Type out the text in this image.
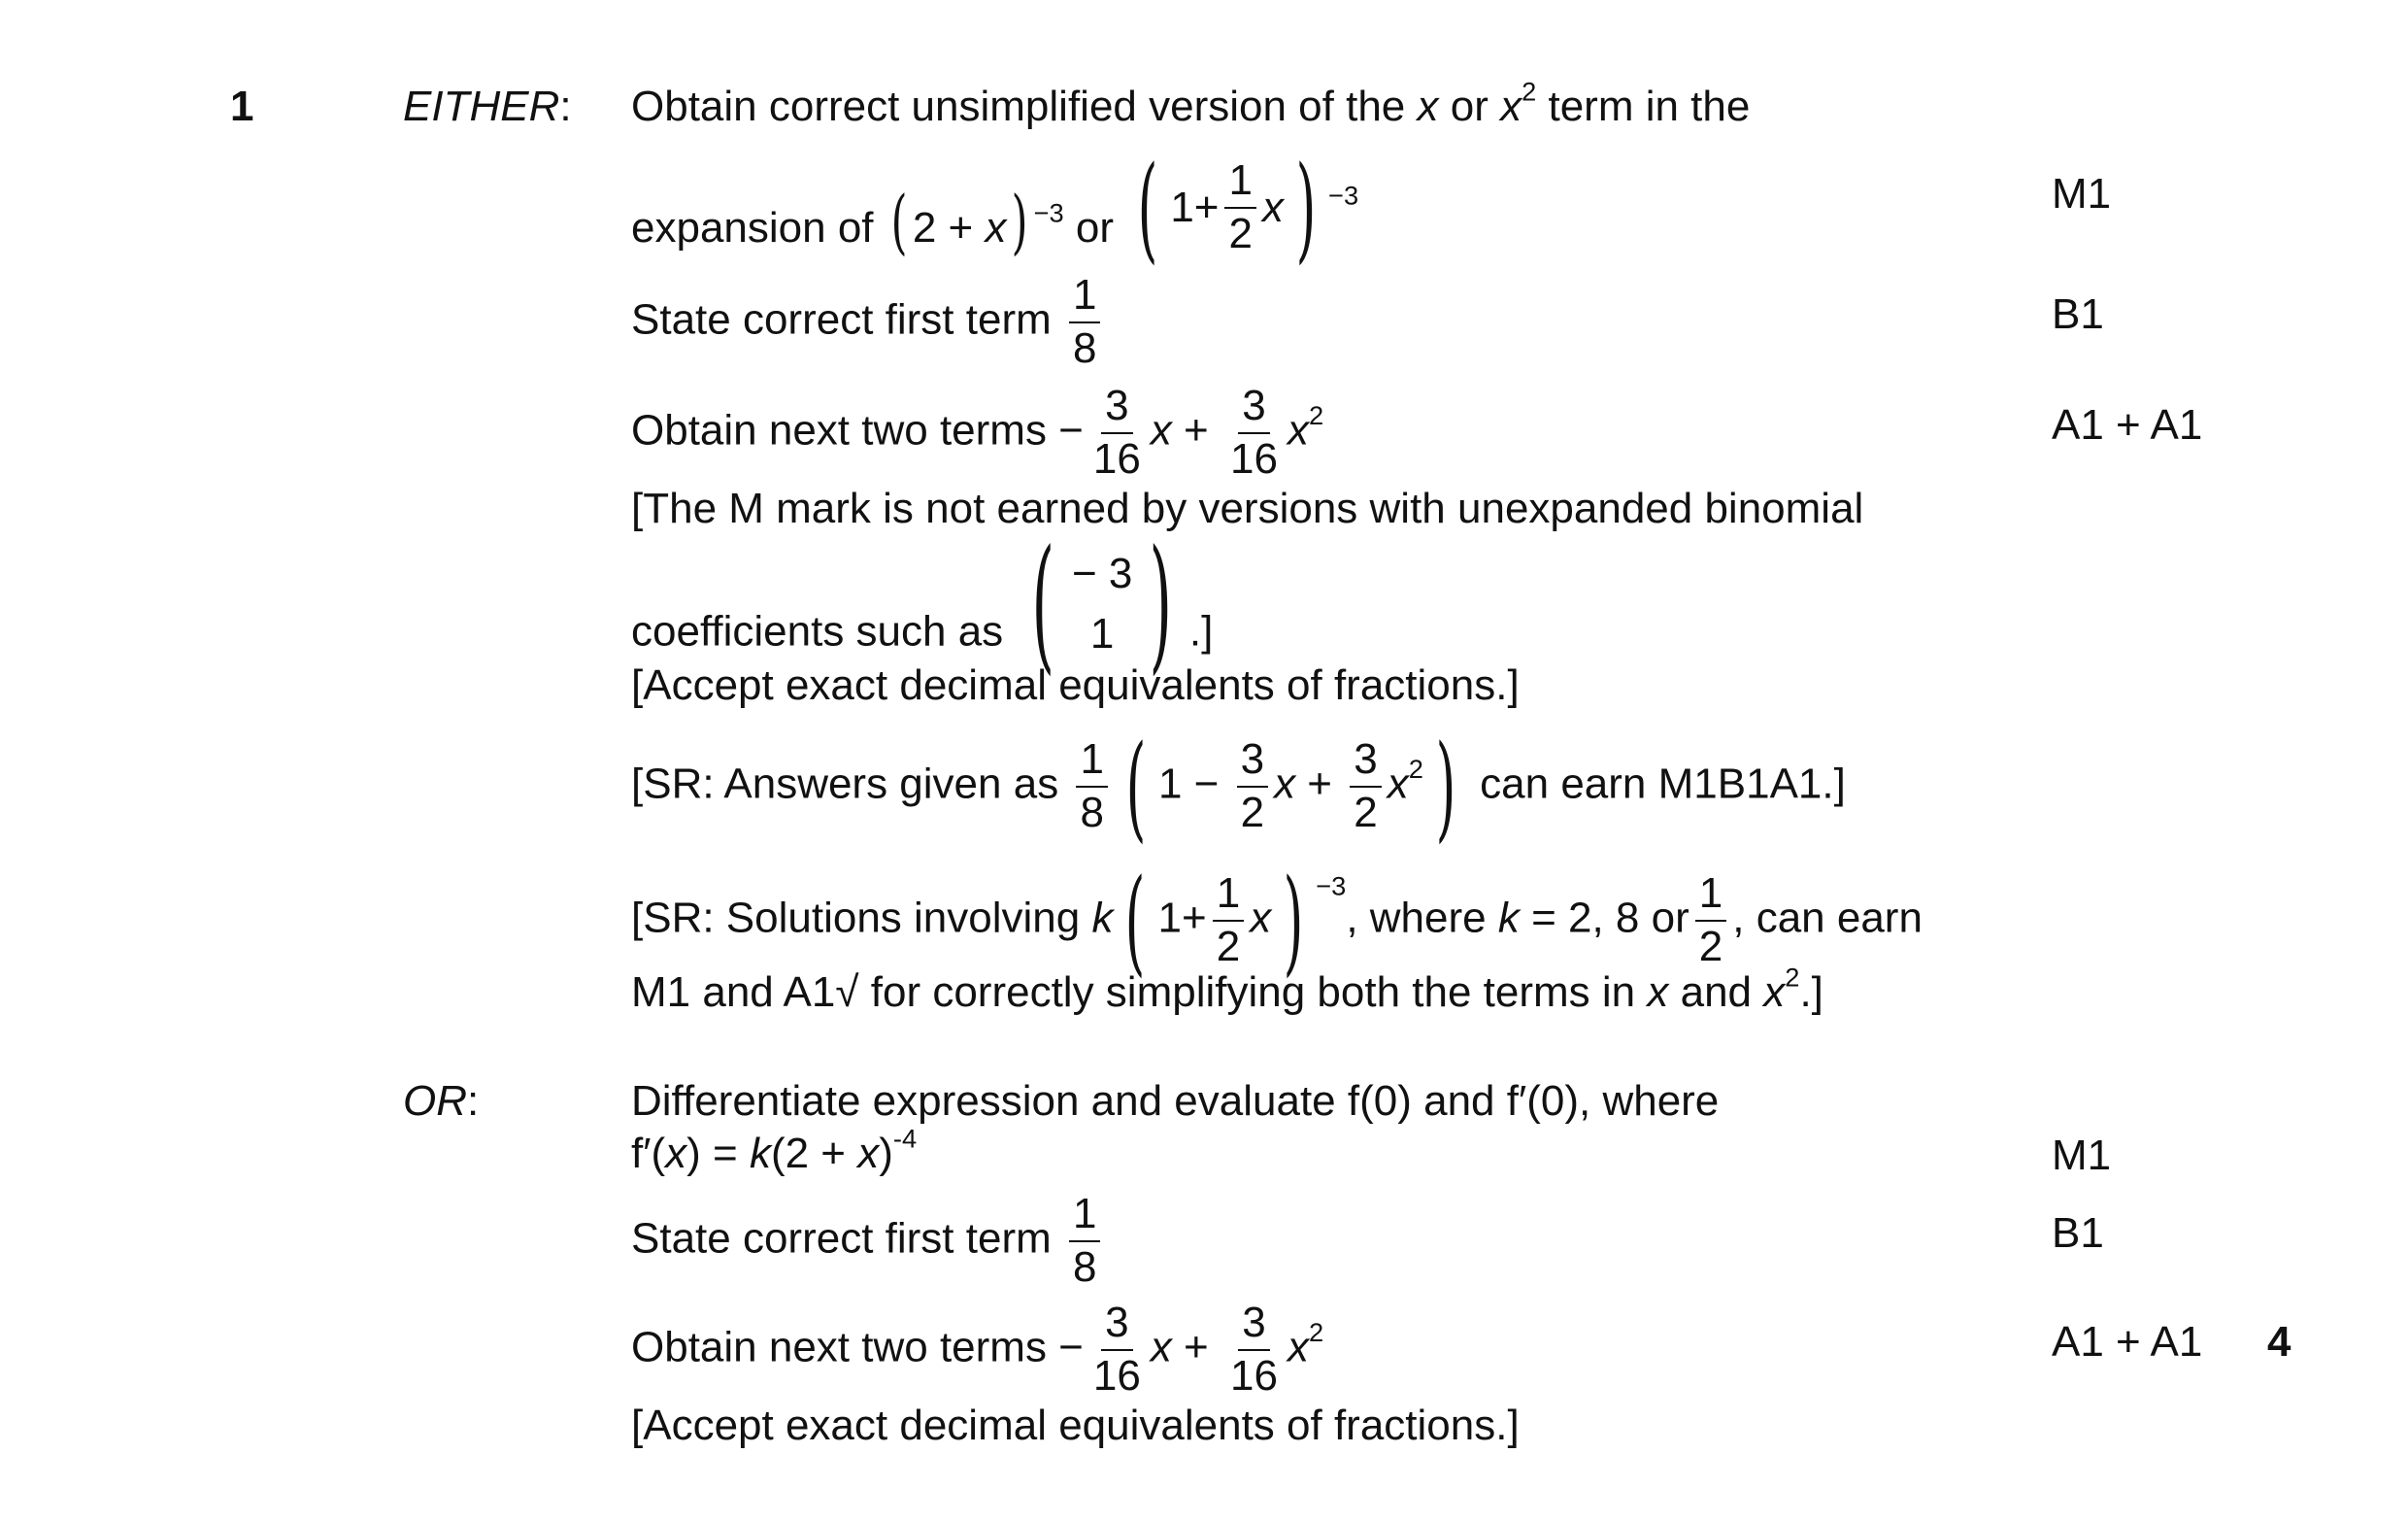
1	EITHER: Obtain correct unsimplified version of the x or $x^2$ term in the
expansion of ( 2 + x) $^{-3}$ or ( 1+
1
2
x ) $^{-3}$	M1
State correct first term $\frac{1}{8}$	B1
Obtain next two terms − $\frac{3}{16}$ $x + \frac{3}{16} x^2$	A1 + A1
[The M mark is not earned by versions with unexpanded binomial
coefficients such as ( − 3
1 ) .]
[Accept exact decimal equivalents of fractions.]
[SR: Answers given as $\frac{1}{8}$ ( $1 - \frac{3}{2}$ $x + \frac{3}{2} x^2$ ) can earn M1B1A1.]
[SR: Solutions involving k ( $1+ \frac{1}{2}$ x ) $^{-3}$, where k = 2, 8 or $\frac{1}{2}$ , can earn
M1 and A1√ for correctly simplifying both the terms in x and $x^2$.]
OR:	Differentiate expression and evaluate f(0) and f′(0), where
$f'(x) = k(2 + x)^{-4}$	M1
State correct first term $\frac{1}{8}$	B1
Obtain next two terms − $\frac{3}{16}$ $x + \frac{3}{16} x^2$	A1 + A1 4
[Accept exact decimal equivalents of fractions.]
